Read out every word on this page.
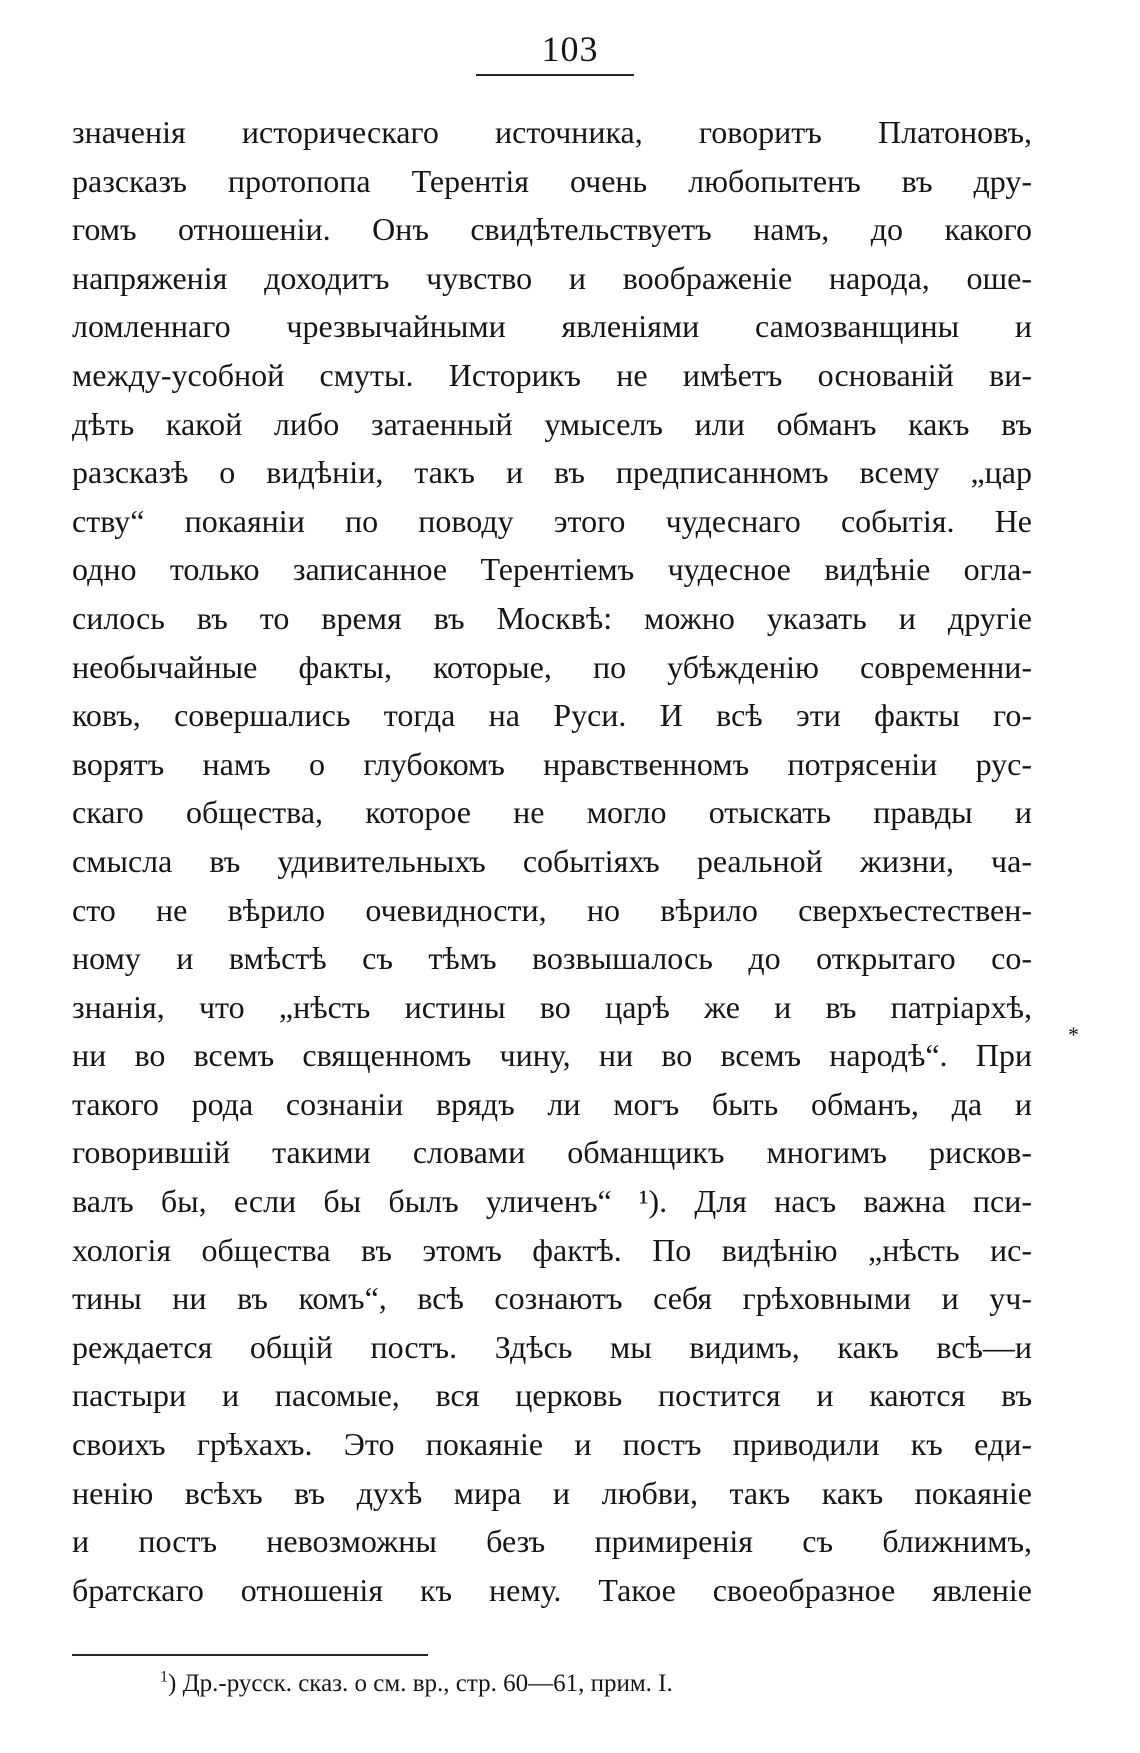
103
значенія историческаго источника, говоритъ Платоновъ,
разсказъ протопопа Терентія очень любопытенъ въ дру-
гомъ отношеніи. Онъ свидѣтельствуетъ намъ, до какого
напряженія доходитъ чувство и воображеніе народа, оше-
ломленнаго чрезвычайными явленіями самозванщины и
между-усобной смуты. Историкъ не имѣетъ основаній ви-
дѣть какой либо затаенный умыселъ или обманъ какъ въ
разсказѣ о видѣніи, такъ и въ предписанномъ всему „цар
ству“ покаяніи по поводу этого чудеснаго событія. Не
одно только записанное Терентіемъ чудесное видѣніе огла-
силось въ то время въ Москвѣ: можно указать и другіе
необычайные факты, которые, по убѣжденію современни-
ковъ, совершались тогда на Руси. И всѣ эти факты го-
ворятъ намъ о глубокомъ нравственномъ потрясеніи рус-
скаго общества, которое не могло отыскать правды и
смысла въ удивительныхъ событіяхъ реальной жизни, ча-
сто не вѣрило очевидности, но вѣрило сверхъестествен-
ному и вмѣстѣ съ тѣмъ возвышалось до открытаго со-
знанія, что „нѣсть истины во царѣ же и въ патріархѣ,
ни во всемъ священномъ чину, ни во всемъ народѣ“. При
такого рода сознаніи врядъ ли могъ быть обманъ, да и
говорившій такими словами обманщикъ многимъ рисков-
валъ бы, если бы былъ уличенъ“ ¹). Для насъ важна пси-
хологія общества въ этомъ фактѣ. По видѣнію „нѣсть ис-
тины ни въ комъ“, всѣ сознаютъ себя грѣховными и уч-
реждается общій постъ. Здѣсь мы видимъ, какъ всѣ—и
пастыри и пасомые, вся церковь постится и каются въ
своихъ грѣхахъ. Это покаяніе и постъ приводили къ еди-
ненію всѣхъ въ духѣ мира и любви, такъ какъ покаяніе
и постъ невозможны безъ примиренія съ ближнимъ,
братскаго отношенія къ нему. Такое своеобразное явленіе
*
$^1$) Др.-русск. сказ. о см. вр., стр. 60—61, прим. I.
